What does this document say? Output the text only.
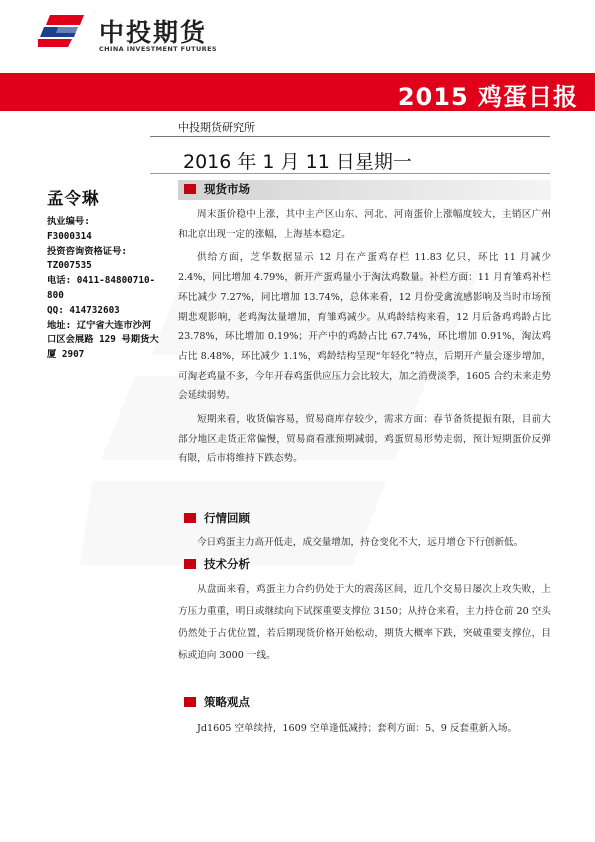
中投期货
CHINA INVESTMENT FUTURES
2015 鸡蛋日报
中投期货研究所
2016 年 1 月 11 日星期一
孟令琳
执业编号:
F3000314
投资咨询资格证号:
TZ007535
电话: 0411-84800710-800
QQ: 414732603
地址: 辽宁省大连市沙河
口区会展路 129 号期货大
厦 2907
现货市场

周末蛋价稳中上涨，其中主产区山东、河北、河南蛋价上涨幅度较大，主销区广州和北京出现一定的涨幅，上海基本稳定。

供给方面，芝华数据显示 12 月在产蛋鸡存栏 11.83 亿只，环比 11 月减少 2.4%，同比增加 4.79%，新开产蛋鸡量小于淘汰鸡数量。补栏方面：11 月育雏鸡补栏环比减少 7.27%，同比增加 13.74%，总体来看，12 月份受禽流感影响及当时市场预期悲观影响，老鸡淘汰量增加，育雏鸡减少。从鸡龄结构来看，12 月后备鸡鸡龄占比 23.78%，环比增加 0.19%；开产中的鸡龄占比 67.74%，环比增加 0.91%，淘汰鸡占比 8.48%，环比减少 1.1%，鸡龄结构呈现“年轻化”特点，后期开产量会逐步增加，可淘老鸡量不多，今年开春鸡蛋供应压力会比较大，加之消费淡季，1605 合约未来走势会延续弱势。

短期来看，收货偏容易，贸易商库存较少，需求方面：春节备货提振有限，目前大部分地区走货正常偏慢，贸易商看涨预期减弱，鸡蛋贸易形势走弱，预计短期蛋价反弹有限，后市将维持下跌态势。

行情回顾

今日鸡蛋主力高开低走，成交量增加，持仓变化不大，远月增仓下行创新低。

技术分析

从盘面来看，鸡蛋主力合约仍处于大的震荡区间，近几个交易日屡次上攻失败，上方压力重重，明日或继续向下试探重要支撑位 3150；从持仓来看，主力持仓前 20 空头仍然处于占优位置，若后期现货价格开始松动，期货大概率下跌，突破重要支撑位，目标或迫向 3000 一线。

策略观点

Jd1605 空单续持，1609 空单逢低减持；套利方面：5、9 反套重新入场。
